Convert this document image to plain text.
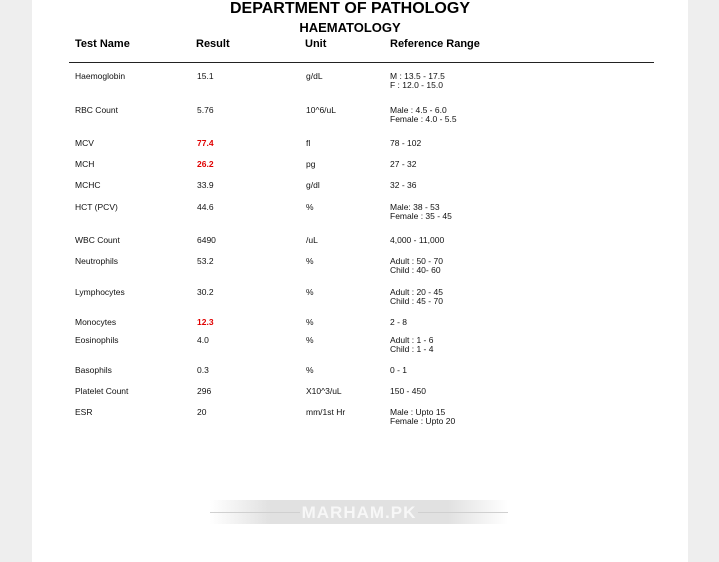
DEPARTMENT OF PATHOLOGY
HAEMATOLOGY
Test Name	Result	Unit	Reference Range
Haemoglobin	15.1	g/dL	M : 13.5 - 17.5
F : 12.0 - 15.0
RBC Count	5.76	10^6/uL	Male : 4.5 - 6.0
Female : 4.0 - 5.5
MCV	77.4	fl	78 - 102
MCH	26.2	pg	27 - 32
MCHC	33.9	g/dl	32 - 36
HCT (PCV)	44.6	%	Male: 38 - 53
Female : 35 - 45
WBC Count	6490	/uL	4,000 - 11,000
Neutrophils	53.2	%	Adult : 50 - 70
Child : 40- 60
Lymphocytes	30.2	%	Adult : 20 - 45
Child : 45 - 70
Monocytes	12.3	%	2 - 8
Eosinophils	4.0	%	Adult : 1 - 6
Child : 1 - 4
Basophils	0.3	%	0 - 1
Platelet Count	296	X10^3/uL	150 - 450
ESR	20	mm/1st Hr	Male : Upto 15
Female : Upto 20
MARHAM.PK
